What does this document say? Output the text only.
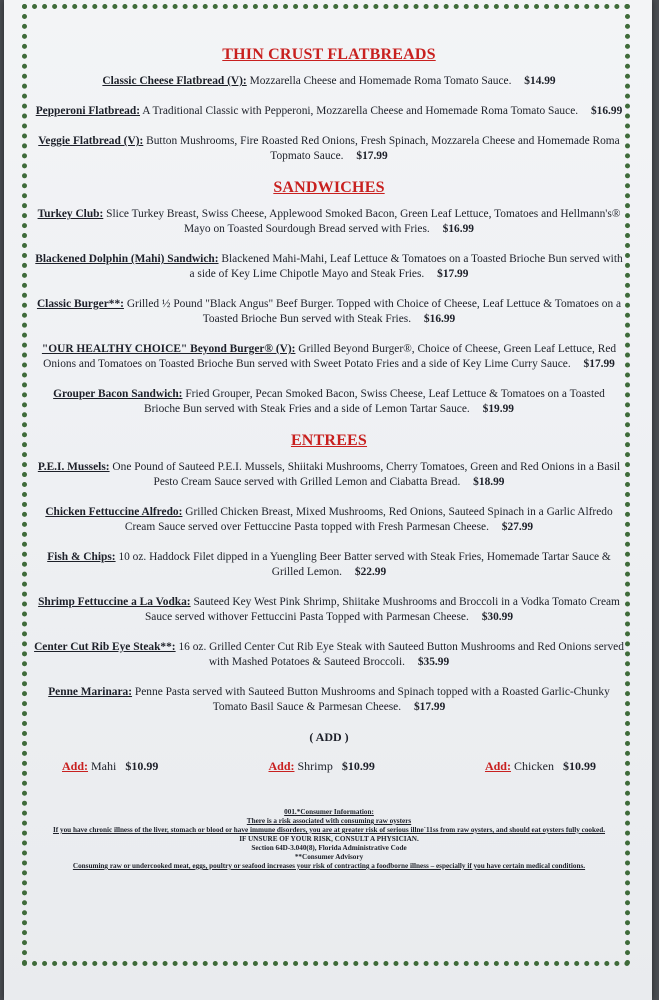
THIN CRUST FLATBREADS
Classic Cheese Flatbread (V): Mozzarella Cheese and Homemade Roma Tomato Sauce. $14.99
Pepperoni Flatbread: A Traditional Classic with Pepperoni, Mozzarella Cheese and Homemade Roma Tomato Sauce. $16.99
Veggie Flatbread (V): Button Mushrooms, Fire Roasted Red Onions, Fresh Spinach, Mozzarela Cheese and Homemade Roma Topmato Sauce. $17.99
SANDWICHES
Turkey Club: Slice Turkey Breast, Swiss Cheese, Applewood Smoked Bacon, Green Leaf Lettuce, Tomatoes and Hellmann's® Mayo on Toasted Sourdough Bread served with Fries. $16.99
Blackened Dolphin (Mahi) Sandwich: Blackened Mahi-Mahi, Leaf Lettuce & Tomatoes on a Toasted Brioche Bun served with a side of Key Lime Chipotle Mayo and Steak Fries. $17.99
Classic Burger**: Grilled ½ Pound "Black Angus" Beef Burger. Topped with Choice of Cheese, Leaf Lettuce & Tomatoes on a Toasted Brioche Bun served with Steak Fries. $16.99
"OUR HEALTHY CHOICE" Beyond Burger® (V): Grilled Beyond Burger®, Choice of Cheese, Green Leaf Lettuce, Red Onions and Tomatoes on Toasted Brioche Bun served with Sweet Potato Fries and a side of Key Lime Curry Sauce. $17.99
Grouper Bacon Sandwich: Fried Grouper, Pecan Smoked Bacon, Swiss Cheese, Leaf Lettuce & Tomatoes on a Toasted Brioche Bun served with Steak Fries and a side of Lemon Tartar Sauce. $19.99
ENTREES
P.E.I. Mussels: One Pound of Sauteed P.E.I. Mussels, Shiitaki Mushrooms, Cherry Tomatoes, Green and Red Onions in a Basil Pesto Cream Sauce served with Grilled Lemon and Ciabatta Bread. $18.99
Chicken Fettuccine Alfredo: Grilled Chicken Breast, Mixed Mushrooms, Red Onions, Sauteed Spinach in a Garlic Alfredo Cream Sauce served over Fettuccine Pasta topped with Fresh Parmesan Cheese. $27.99
Fish & Chips: 10 oz. Haddock Filet dipped in a Yuengling Beer Batter served with Steak Fries, Homemade Tartar Sauce & Grilled Lemon. $22.99
Shrimp Fettuccine a La Vodka: Sauteed Key West Pink Shrimp, Shiitake Mushrooms and Broccoli in a Vodka Tomato Cream Sauce served withover Fettuccini Pasta Topped with Parmesan Cheese. $30.99
Center Cut Rib Eye Steak**: 16 oz. Grilled Center Cut Rib Eye Steak with Sauteed Button Mushrooms and Red Onions served with Mashed Potatoes & Sauteed Broccoli. $35.99
Penne Marinara: Penne Pasta served with Sauteed Button Mushrooms and Spinach topped with a Roasted Garlic-Chunky Tomato Basil Sauce & Parmesan Cheese. $17.99
( ADD )
Add: Mahi $10.99	Add: Shrimp $10.99	Add: Chicken $10.99
001.*Consumer Information:
There is a risk associated with consuming raw oysters
If you have chronic illness of the liver, stomach or blood or have immune disorders, you are at greater risk of serious illne`11ss from raw oysters, and should eat oysters fully cooked.
IF UNSURE OF YOUR RISK, CONSULT A PHYSICIAN.
Section 64D-3.040(8), Florida Administrative Code
**Consumer Advisory
Consuming raw or undercooked meat, eggs, poultry or seafood increases your risk of contracting a foodborne illness – especially if you have certain medical conditions.
